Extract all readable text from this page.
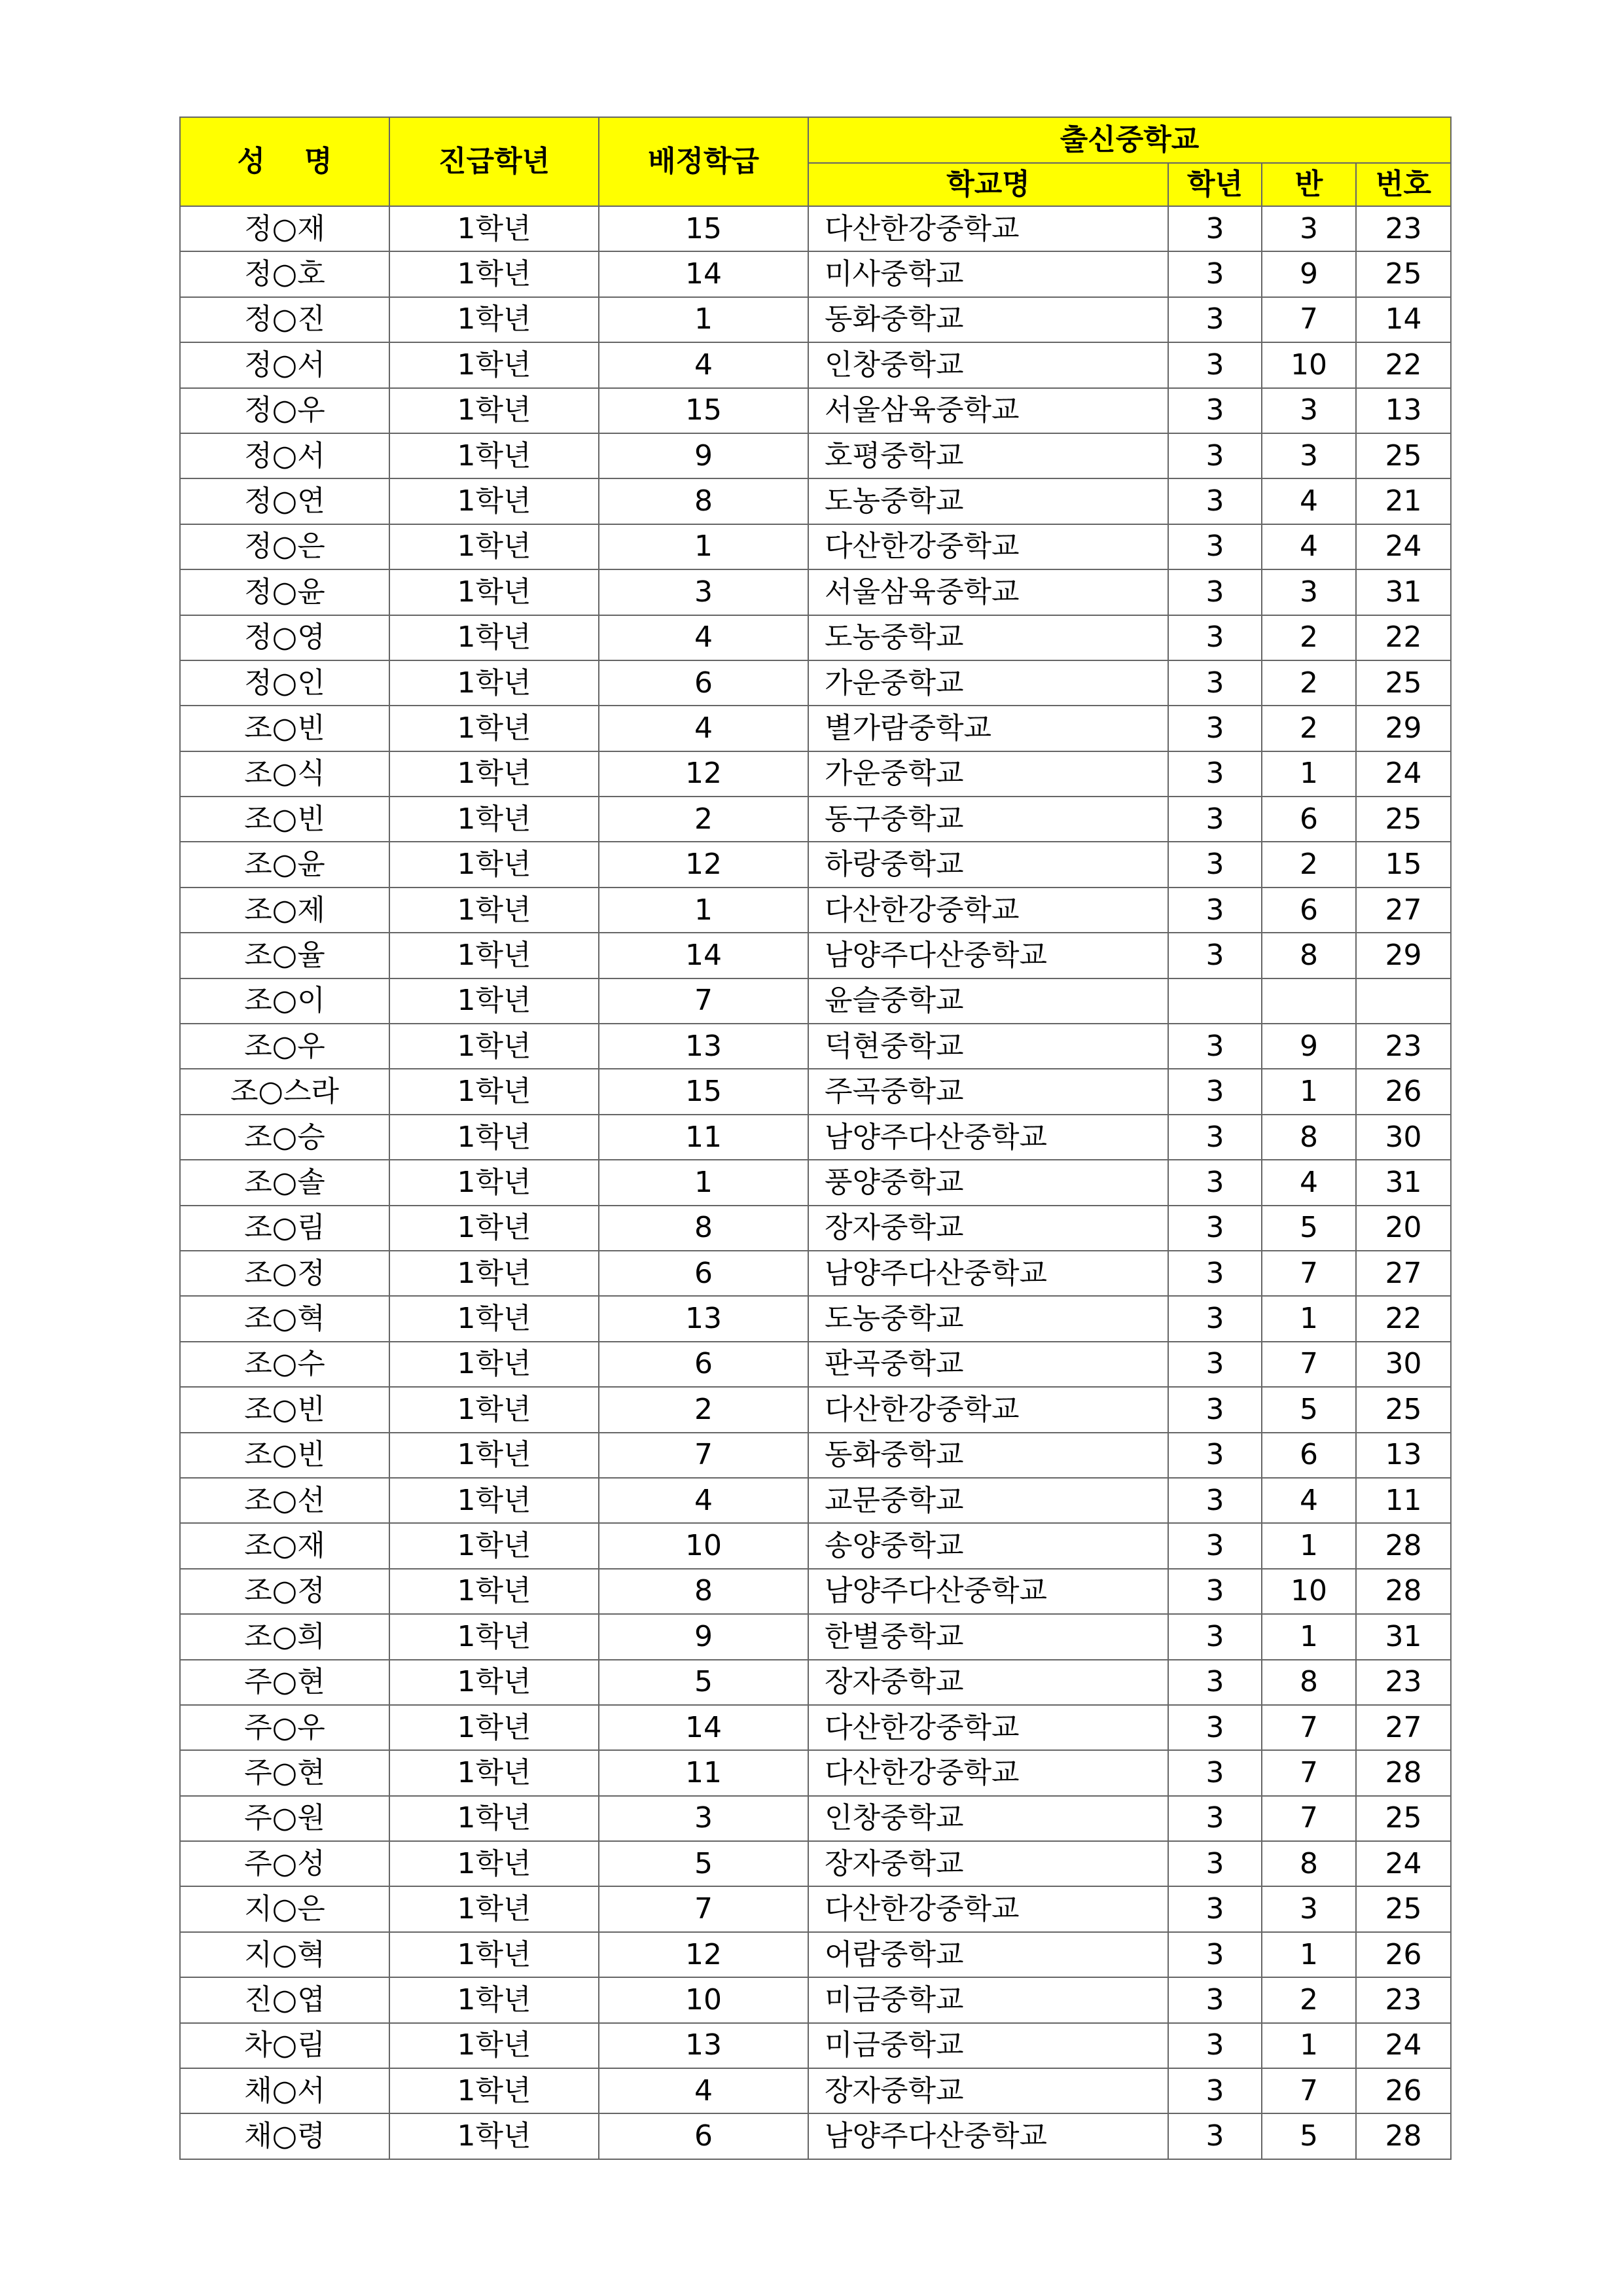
성명	진급학년	배정학급	출신중학교			
			학교명	학년	반	번호
정○재	1학년	15	다산한강중학교	3	3	23
정○호	1학년	14	미사중학교	3	9	25
정○진	1학년	1	동화중학교	3	7	14
정○서	1학년	4	인창중학교	3	10	22
정○우	1학년	15	서울삼육중학교	3	3	13
정○서	1학년	9	호평중학교	3	3	25
정○연	1학년	8	도농중학교	3	4	21
정○은	1학년	1	다산한강중학교	3	4	24
정○윤	1학년	3	서울삼육중학교	3	3	31
정○영	1학년	4	도농중학교	3	2	22
정○인	1학년	6	가운중학교	3	2	25
조○빈	1학년	4	별가람중학교	3	2	29
조○식	1학년	12	가운중학교	3	1	24
조○빈	1학년	2	동구중학교	3	6	25
조○윤	1학년	12	하랑중학교	3	2	15
조○제	1학년	1	다산한강중학교	3	6	27
조○율	1학년	14	남양주다산중학교	3	8	29
조○이	1학년	7	윤슬중학교			
조○우	1학년	13	덕현중학교	3	9	23
조○스라	1학년	15	주곡중학교	3	1	26
조○승	1학년	11	남양주다산중학교	3	8	30
조○솔	1학년	1	풍양중학교	3	4	31
조○림	1학년	8	장자중학교	3	5	20
조○정	1학년	6	남양주다산중학교	3	7	27
조○혁	1학년	13	도농중학교	3	1	22
조○수	1학년	6	판곡중학교	3	7	30
조○빈	1학년	2	다산한강중학교	3	5	25
조○빈	1학년	7	동화중학교	3	6	13
조○선	1학년	4	교문중학교	3	4	11
조○재	1학년	10	송양중학교	3	1	28
조○정	1학년	8	남양주다산중학교	3	10	28
조○희	1학년	9	한별중학교	3	1	31
주○현	1학년	5	장자중학교	3	8	23
주○우	1학년	14	다산한강중학교	3	7	27
주○현	1학년	11	다산한강중학교	3	7	28
주○원	1학년	3	인창중학교	3	7	25
주○성	1학년	5	장자중학교	3	8	24
지○은	1학년	7	다산한강중학교	3	3	25
지○혁	1학년	12	어람중학교	3	1	26
진○엽	1학년	10	미금중학교	3	2	23
차○림	1학년	13	미금중학교	3	1	24
채○서	1학년	4	장자중학교	3	7	26
채○령	1학년	6	남양주다산중학교	3	5	28
